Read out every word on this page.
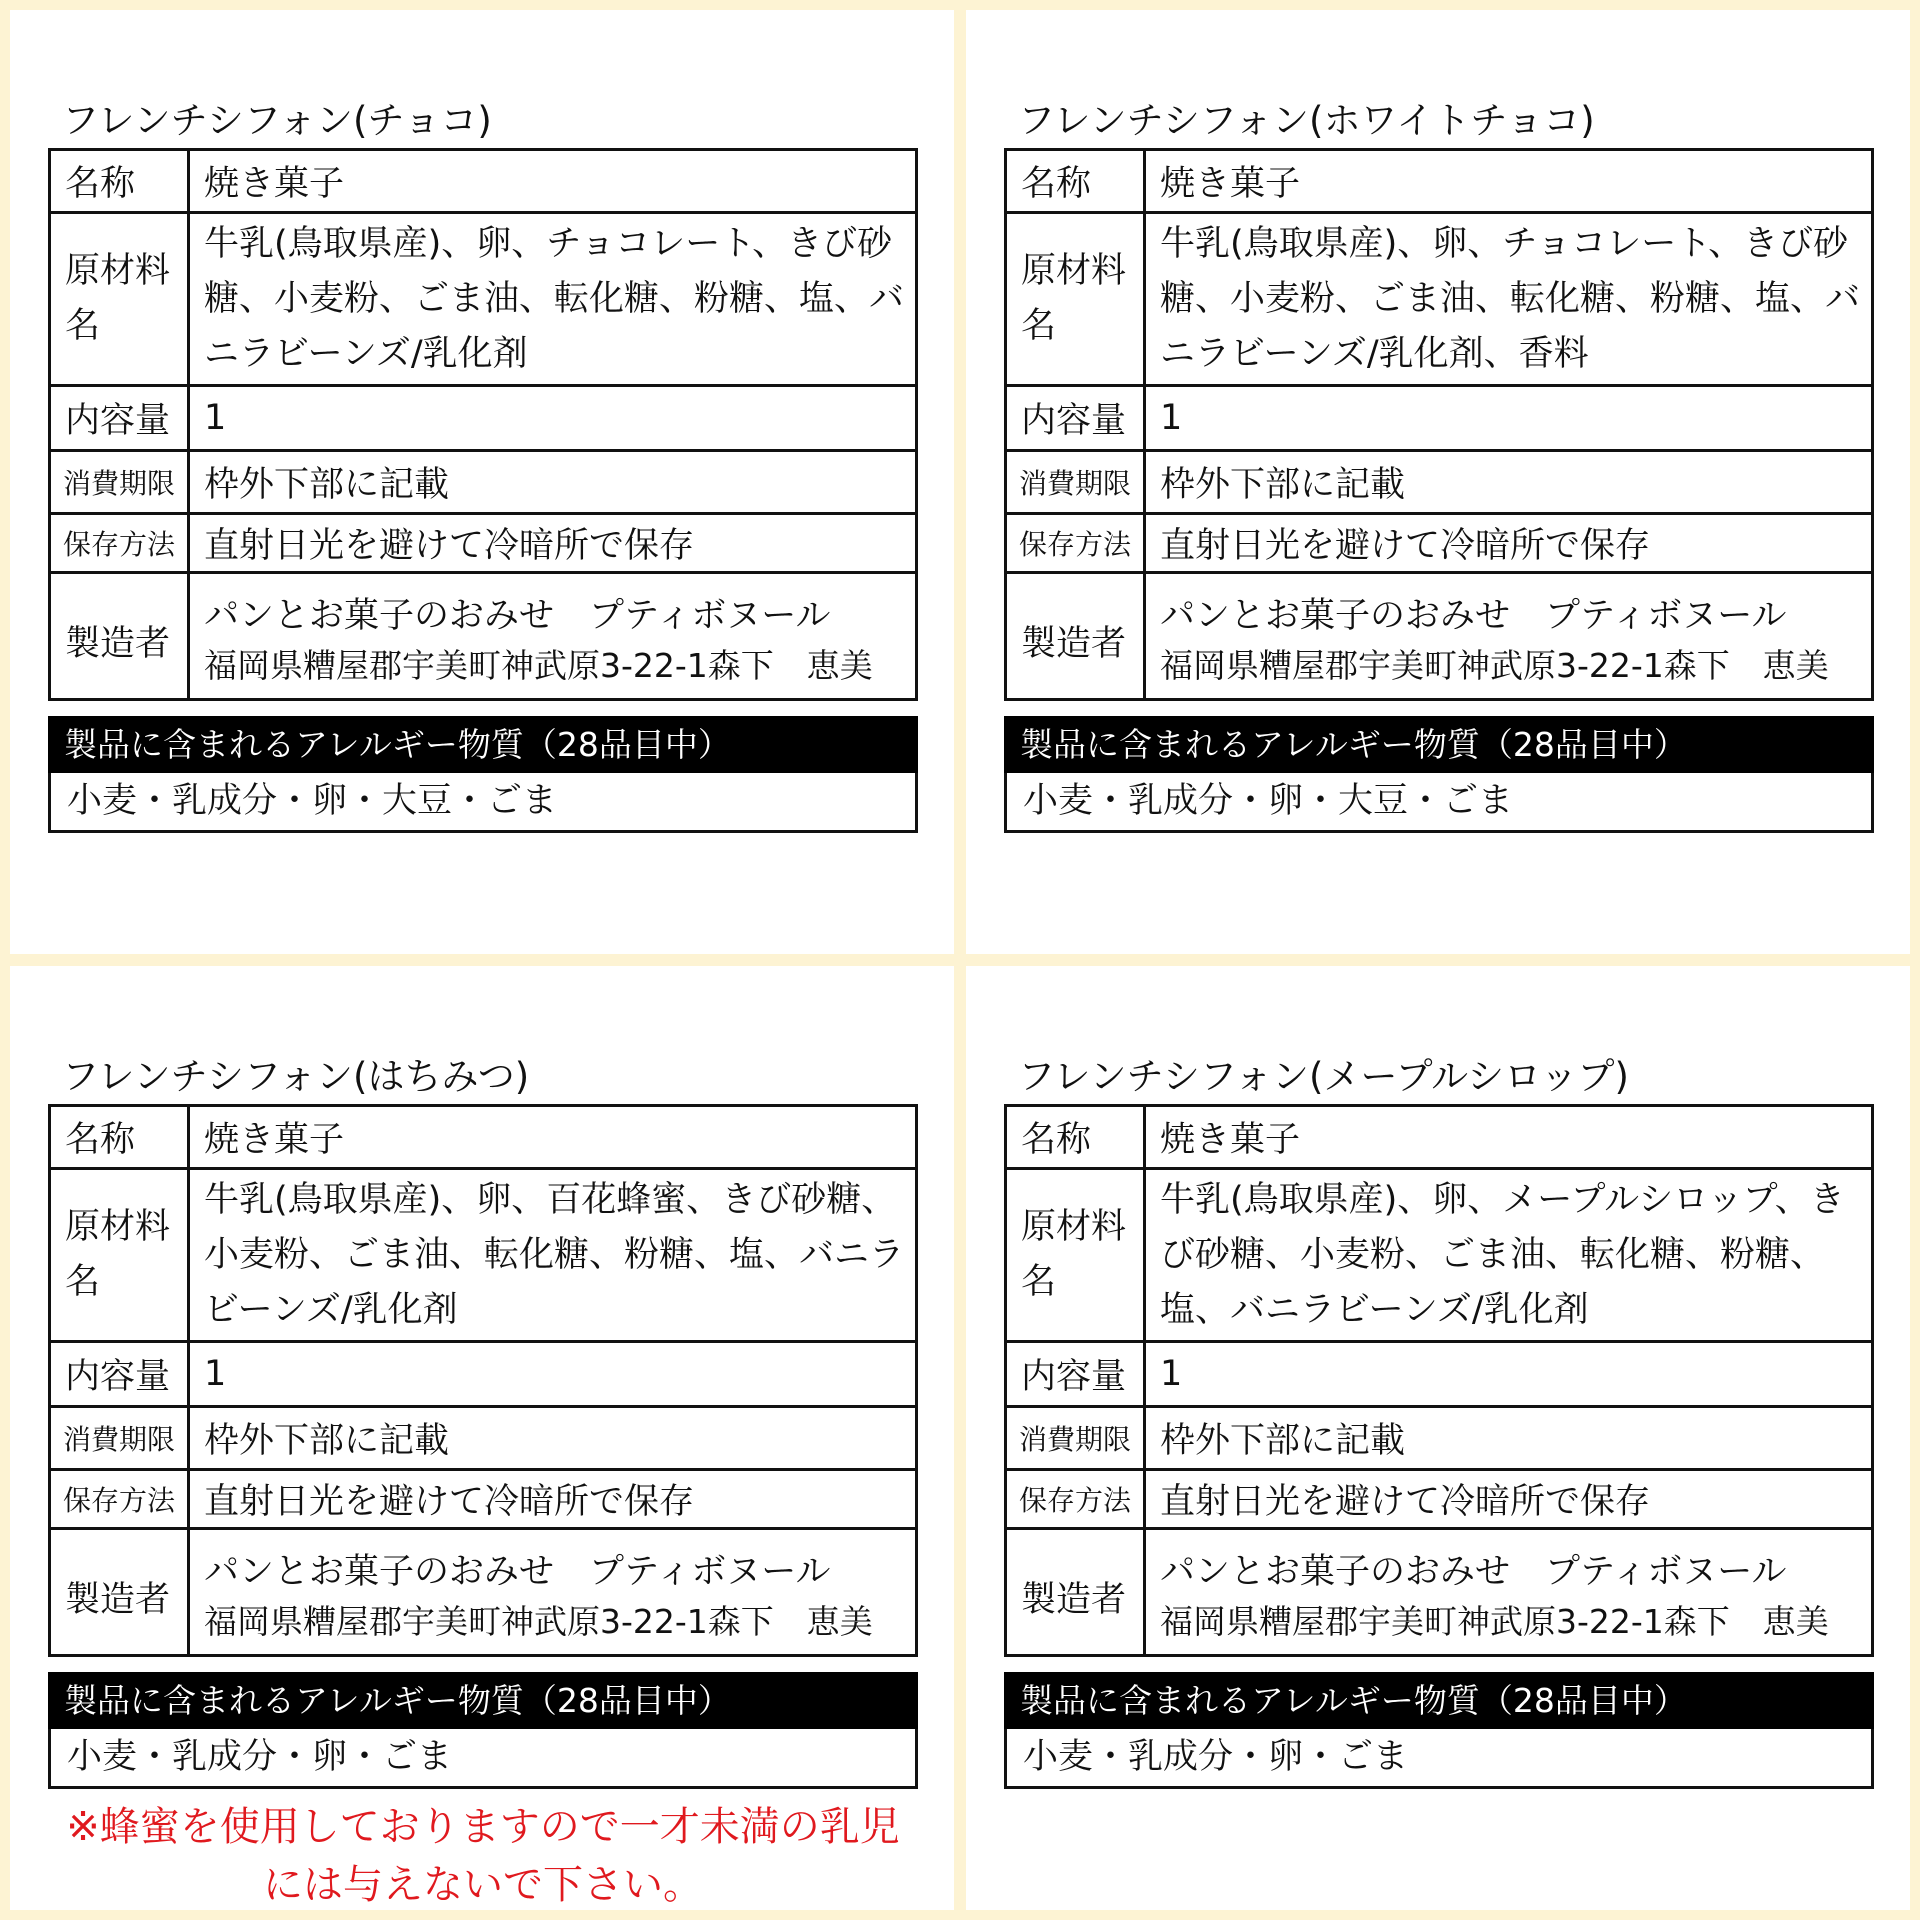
フレンチシフォン(チョコ)
名称	焼き菓子
原材料名	牛乳(鳥取県産)、卵、チョコレート、きび砂糖、小麦粉、ごま油、転化糖、粉糖、塩、バニラビーンズ/乳化剤
内容量	1
消費期限	枠外下部に記載
保存方法	直射日光を避けて冷暗所で保存
製造者	パンとお菓子のおみせ　プティボヌール
福岡県糟屋郡宇美町神武原3-22-1森下　恵美
製品に含まれるアレルギー物質（28品目中）
小麦・乳成分・卵・大豆・ごま
フレンチシフォン(ホワイトチョコ)
名称	焼き菓子
原材料名	牛乳(鳥取県産)、卵、チョコレート、きび砂糖、小麦粉、ごま油、転化糖、粉糖、塩、バニラビーンズ/乳化剤、香料
内容量	1
消費期限	枠外下部に記載
保存方法	直射日光を避けて冷暗所で保存
製造者	パンとお菓子のおみせ　プティボヌール
福岡県糟屋郡宇美町神武原3-22-1森下　恵美
製品に含まれるアレルギー物質（28品目中）
小麦・乳成分・卵・大豆・ごま
フレンチシフォン(はちみつ)
名称	焼き菓子
原材料名	牛乳(鳥取県産)、卵、百花蜂蜜、きび砂糖、小麦粉、ごま油、転化糖、粉糖、塩、バニラビーンズ/乳化剤
内容量	1
消費期限	枠外下部に記載
保存方法	直射日光を避けて冷暗所で保存
製造者	パンとお菓子のおみせ　プティボヌール
福岡県糟屋郡宇美町神武原3-22-1森下　恵美
製品に含まれるアレルギー物質（28品目中）
小麦・乳成分・卵・ごま
※蜂蜜を使用しておりますので一才未満の乳児には与えないで下さい。
フレンチシフォン(メープルシロップ)
名称	焼き菓子
原材料名	牛乳(鳥取県産)、卵、メープルシロップ、きび砂糖、小麦粉、ごま油、転化糖、粉糖、塩、バニラビーンズ/乳化剤
内容量	1
消費期限	枠外下部に記載
保存方法	直射日光を避けて冷暗所で保存
製造者	パンとお菓子のおみせ　プティボヌール
福岡県糟屋郡宇美町神武原3-22-1森下　恵美
製品に含まれるアレルギー物質（28品目中）
小麦・乳成分・卵・ごま
